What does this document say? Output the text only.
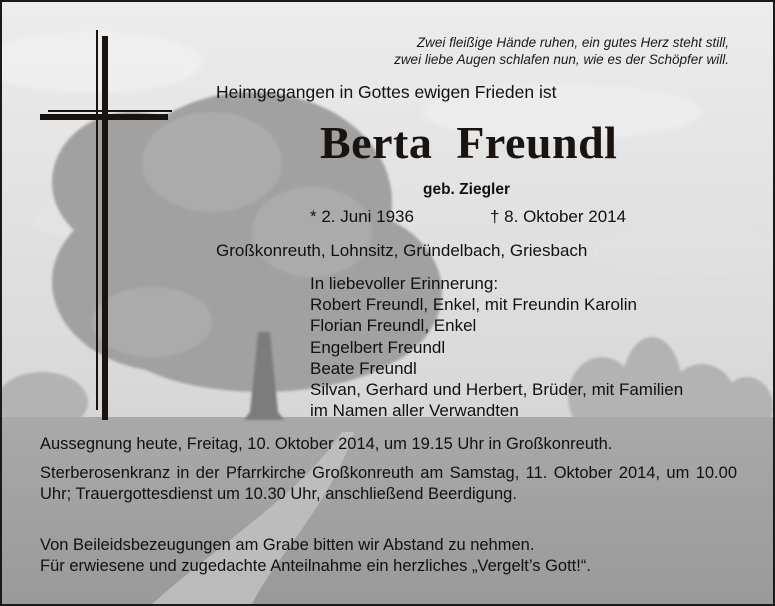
Zwei fleißige Hände ruhen, ein gutes Herz steht still,
zwei liebe Augen schlafen nun, wie es der Schöpfer will.
Heimgegangen in Gottes ewigen Frieden ist
Berta  Freundl
geb. Ziegler
* 2. Juni 1936	† 8. Oktober 2014
Großkonreuth, Lohnsitz, Gründelbach, Griesbach
In liebevoller Erinnerung:
Robert Freundl, Enkel, mit Freundin Karolin
Florian Freundl, Enkel
Engelbert Freundl
Beate Freundl
Silvan, Gerhard und Herbert, Brüder, mit Familien
im Namen aller Verwandten
Aussegnung heute, Freitag, 10. Oktober 2014, um 19.15 Uhr in Großkonreuth.
Sterberosenkranz in der Pfarrkirche Großkonreuth am Samstag, 11. Oktober 2014, um 10.00 Uhr; Trauergottesdienst um 10.30 Uhr, anschließend Beerdigung.
Von Beileidsbezeugungen am Grabe bitten wir Abstand zu nehmen.
Für erwiesene und zugedachte Anteilnahme ein herzliches „Vergelt’s Gott!“.
